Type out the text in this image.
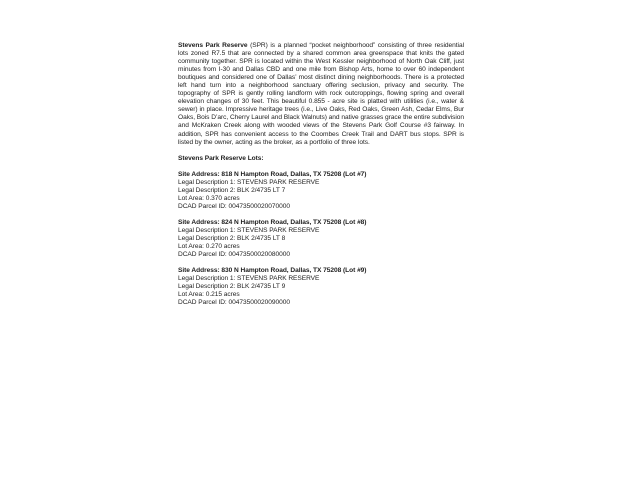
Stevens Park Reserve (SPR) is a planned “pocket neighborhood” consisting of three residential lots zoned R7.5 that are connected by a shared common area greenspace that knits the gated community together. SPR is located within the West Kessler neighborhood of North Oak Cliff, just minutes from I-30 and Dallas CBD and one mile from Bishop Arts, home to over 60 independent boutiques and considered one of Dallas’ most distinct dining neighborhoods. There is a protected left hand turn into a neighborhood sanctuary offering seclusion, privacy and security. The topography of SPR is gently rolling landform with rock outcroppings, flowing spring and overall elevation changes of 30 feet. This beautiful 0.855 - acre site is platted with utilities (i.e., water & sewer) in place. Impressive heritage trees (i.e., Live Oaks, Red Oaks, Green Ash, Cedar Elms, Bur Oaks, Bois D’arc, Cherry Laurel and Black Walnuts) and native grasses grace the entire subdivision and McKraken Creek along with wooded views of the Stevens Park Golf Course #3 fairway. In addition, SPR has convenient access to the Coombes Creek Trail and DART bus stops. SPR is listed by the owner, acting as the broker, as a portfolio of three lots.

Stevens Park Reserve Lots:

Site Address: 818 N Hampton Road, Dallas, TX 75208 (Lot #7)
Legal Description 1: STEVENS PARK RESERVE
Legal Description 2: BLK 2/4735 LT 7
Lot Area: 0.370 acres
DCAD Parcel ID: 00473500020070000
Site Address: 824 N Hampton Road, Dallas, TX 75208 (Lot #8)
Legal Description 1: STEVENS PARK RESERVE
Legal Description 2: BLK 2/4735 LT 8
Lot Area: 0.270 acres
DCAD Parcel ID: 00473500020080000
Site Address: 830 N Hampton Road, Dallas, TX 75208 (Lot #9)
Legal Description 1: STEVENS PARK RESERVE
Legal Description 2: BLK 2/4735 LT 9
Lot Area: 0.215 acres
DCAD Parcel ID: 00473500020090000
